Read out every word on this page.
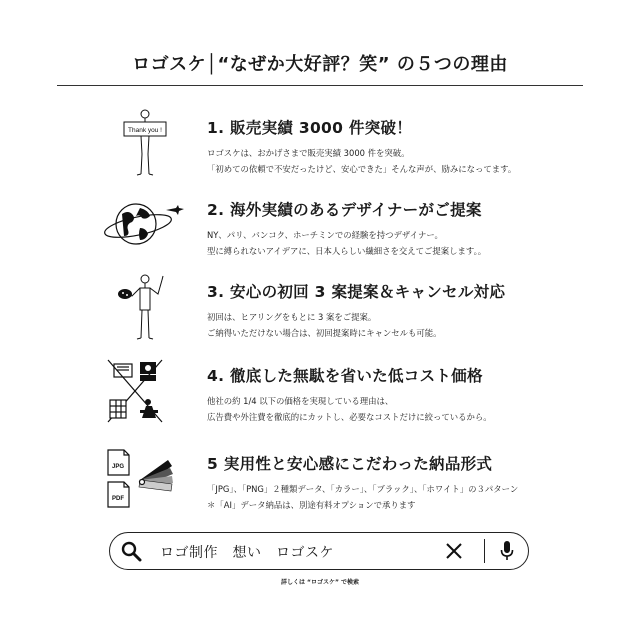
ロゴスケ│“なぜか大好評？笑” の５つの理由
Thank you !	1. 販売実績 3000 件突破！
ロゴスケは、おかげさまで販売実績 3000 件を突破。
「初めての依頼で不安だったけど、安心できた」そんな声が、励みになってます。
2. 海外実績のあるデザイナーがご提案
NY、パリ、バンコク、ホーチミンでの経験を持つデザイナー。
型に縛られないアイデアに、日本人らしい繊細さを交えてご提案します。。
3. 安心の初回 3 案提案＆キャンセル対応
初回は、ヒアリングをもとに 3 案をご提案。
ご納得いただけない場合は、初回提案時にキャンセルも可能。
4. 徹底した無駄を省いた低コスト価格
他社の約 1/4 以下の価格を実現している理由は、
広告費や外注費を徹底的にカットし、必要なコストだけに絞っているから。
JPG
PDF
5 実用性と安心感にこだわった納品形式
「JPG」、「PNG」２種類データ、「カラー」、「ブラック」、「ホワイト」の３パターン
＊「AI」データ納品は、別途有料オプションで承ります
ロゴ制作　想い　ロゴスケ
詳しくは “ロゴスケ” で検索
